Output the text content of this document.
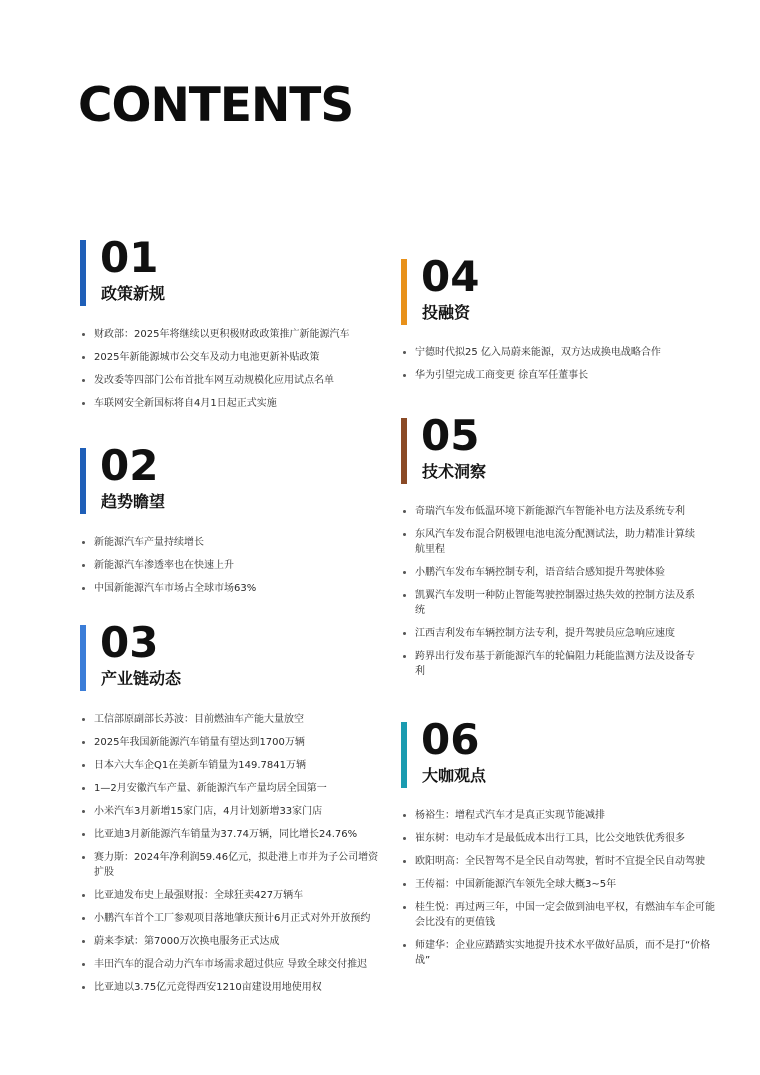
CONTENTS
01
政策新规
财政部：2025年将继续以更积极财政政策推广新能源汽车
2025年新能源城市公交车及动力电池更新补贴政策
发改委等四部门公布首批车网互动规模化应用试点名单
车联网安全新国标将自4月1日起正式实施
02
趋势瞻望
新能源汽车产量持续增长
新能源汽车渗透率也在快速上升
中国新能源汽车市场占全球市场63%
03
产业链动态
工信部原副部长苏波：目前燃油车产能大量放空
2025年我国新能源汽车销量有望达到1700万辆
日本六大车企Q1在美新车销量为149.7841万辆
1—2月安徽汽车产量、新能源汽车产量均居全国第一
小米汽车3月新增15家门店，4月计划新增33家门店
比亚迪3月新能源汽车销量为37.74万辆，同比增长24.76%
赛力斯：2024年净利润59.46亿元，拟赴港上市并为子公司增资扩股
比亚迪发布史上最强财报：全球狂卖427万辆车
小鹏汽车首个工厂参观项目落地肇庆预计6月正式对外开放预约
蔚来李斌：第7000万次换电服务正式达成
丰田汽车的混合动力汽车市场需求超过供应 导致全球交付推迟
比亚迪以3.75亿元竞得西安1210亩建设用地使用权
04
投融资
宁德时代拟25 亿入局蔚来能源，双方达成换电战略合作
华为引望完成工商变更 徐直军任董事长
05
技术洞察
奇瑞汽车发布低温环境下新能源汽车智能补电方法及系统专利
东风汽车发布混合阴极锂电池电流分配测试法，助力精准计算续航里程
小鹏汽车发布车辆控制专利，语音结合感知提升驾驶体验
凯翼汽车发明一种防止智能驾驶控制器过热失效的控制方法及系统
江西吉利发布车辆控制方法专利，提升驾驶员应急响应速度
跨界出行发布基于新能源汽车的轮偏阻力耗能监测方法及设备专利
06
大咖观点
杨裕生：增程式汽车才是真正实现节能减排
崔东树：电动车才是最低成本出行工具，比公交地铁优秀很多
欧阳明高：全民智驾不是全民自动驾驶，暂时不宜提全民自动驾驶
王传福：中国新能源汽车领先全球大概3~5年
桂生悦：再过两三年，中国一定会做到油电平权，有燃油车车企可能会比没有的更值钱
师建华：企业应踏踏实实地提升技术水平做好品质，而不是打“价格战”
